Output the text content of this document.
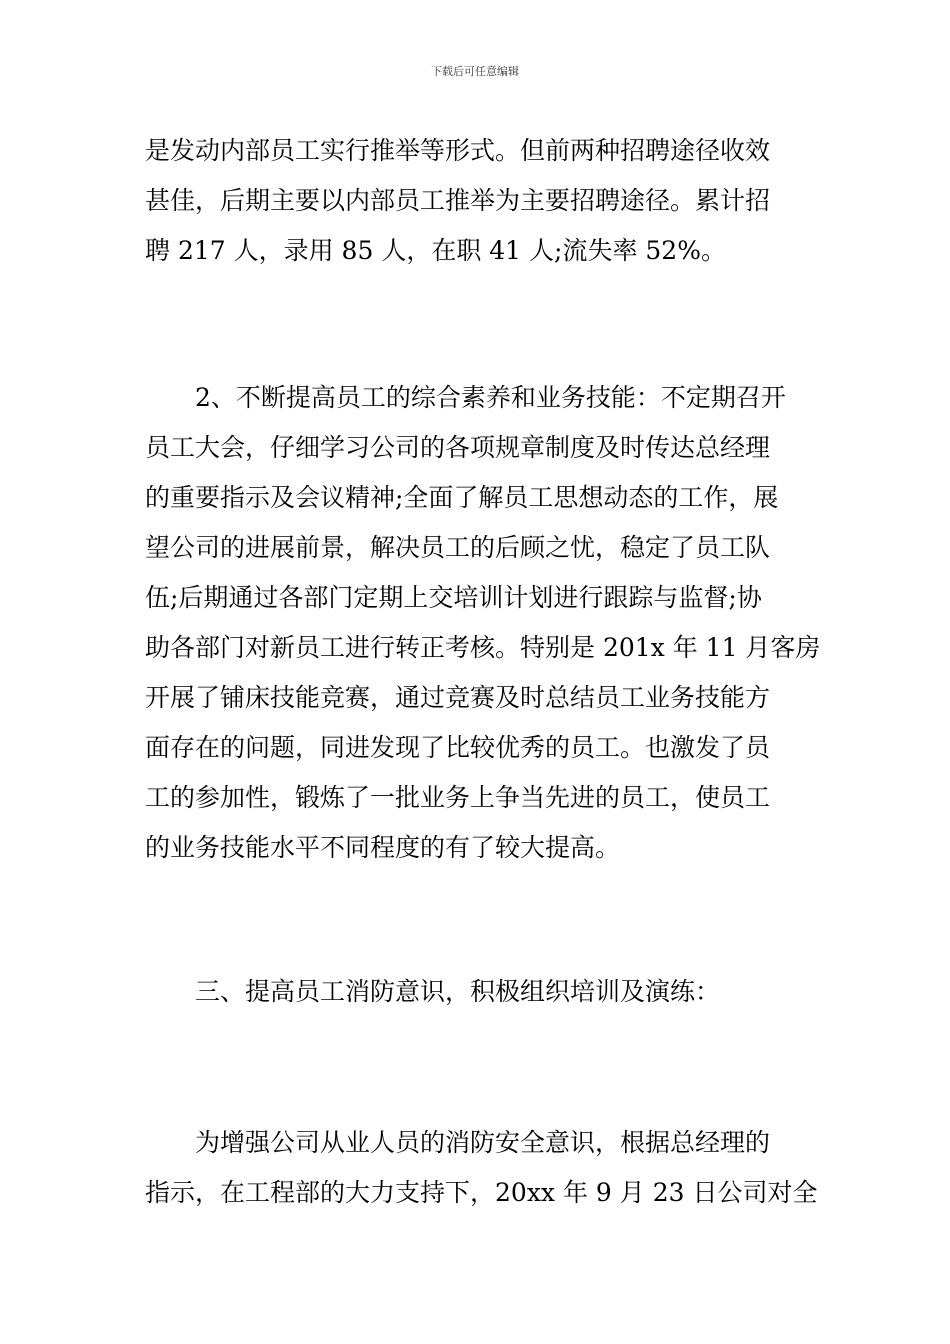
下载后可任意编辑
是发动内部员工实行推举等形式。但前两种招聘途径收效
甚佳，后期主要以内部员工推举为主要招聘途径。累计招
聘 217 人，录用 85 人，在职 41 人;流失率 52%。
2、不断提高员工的综合素养和业务技能：不定期召开
员工大会，仔细学习公司的各项规章制度及时传达总经理
的重要指示及会议精神;全面了解员工思想动态的工作，展
望公司的进展前景，解决员工的后顾之忧，稳定了员工队
伍;后期通过各部门定期上交培训计划进行跟踪与监督;协
助各部门对新员工进行转正考核。特别是 201x 年 11 月客房
开展了铺床技能竞赛，通过竞赛及时总结员工业务技能方
面存在的问题，同进发现了比较优秀的员工。也激发了员
工的参加性，锻炼了一批业务上争当先进的员工，使员工
的业务技能水平不同程度的有了较大提高。
三、提高员工消防意识，积极组织培训及演练：
为增强公司从业人员的消防安全意识，根据总经理的
指示，在工程部的大力支持下，20xx 年 9 月 23 日公司对全
